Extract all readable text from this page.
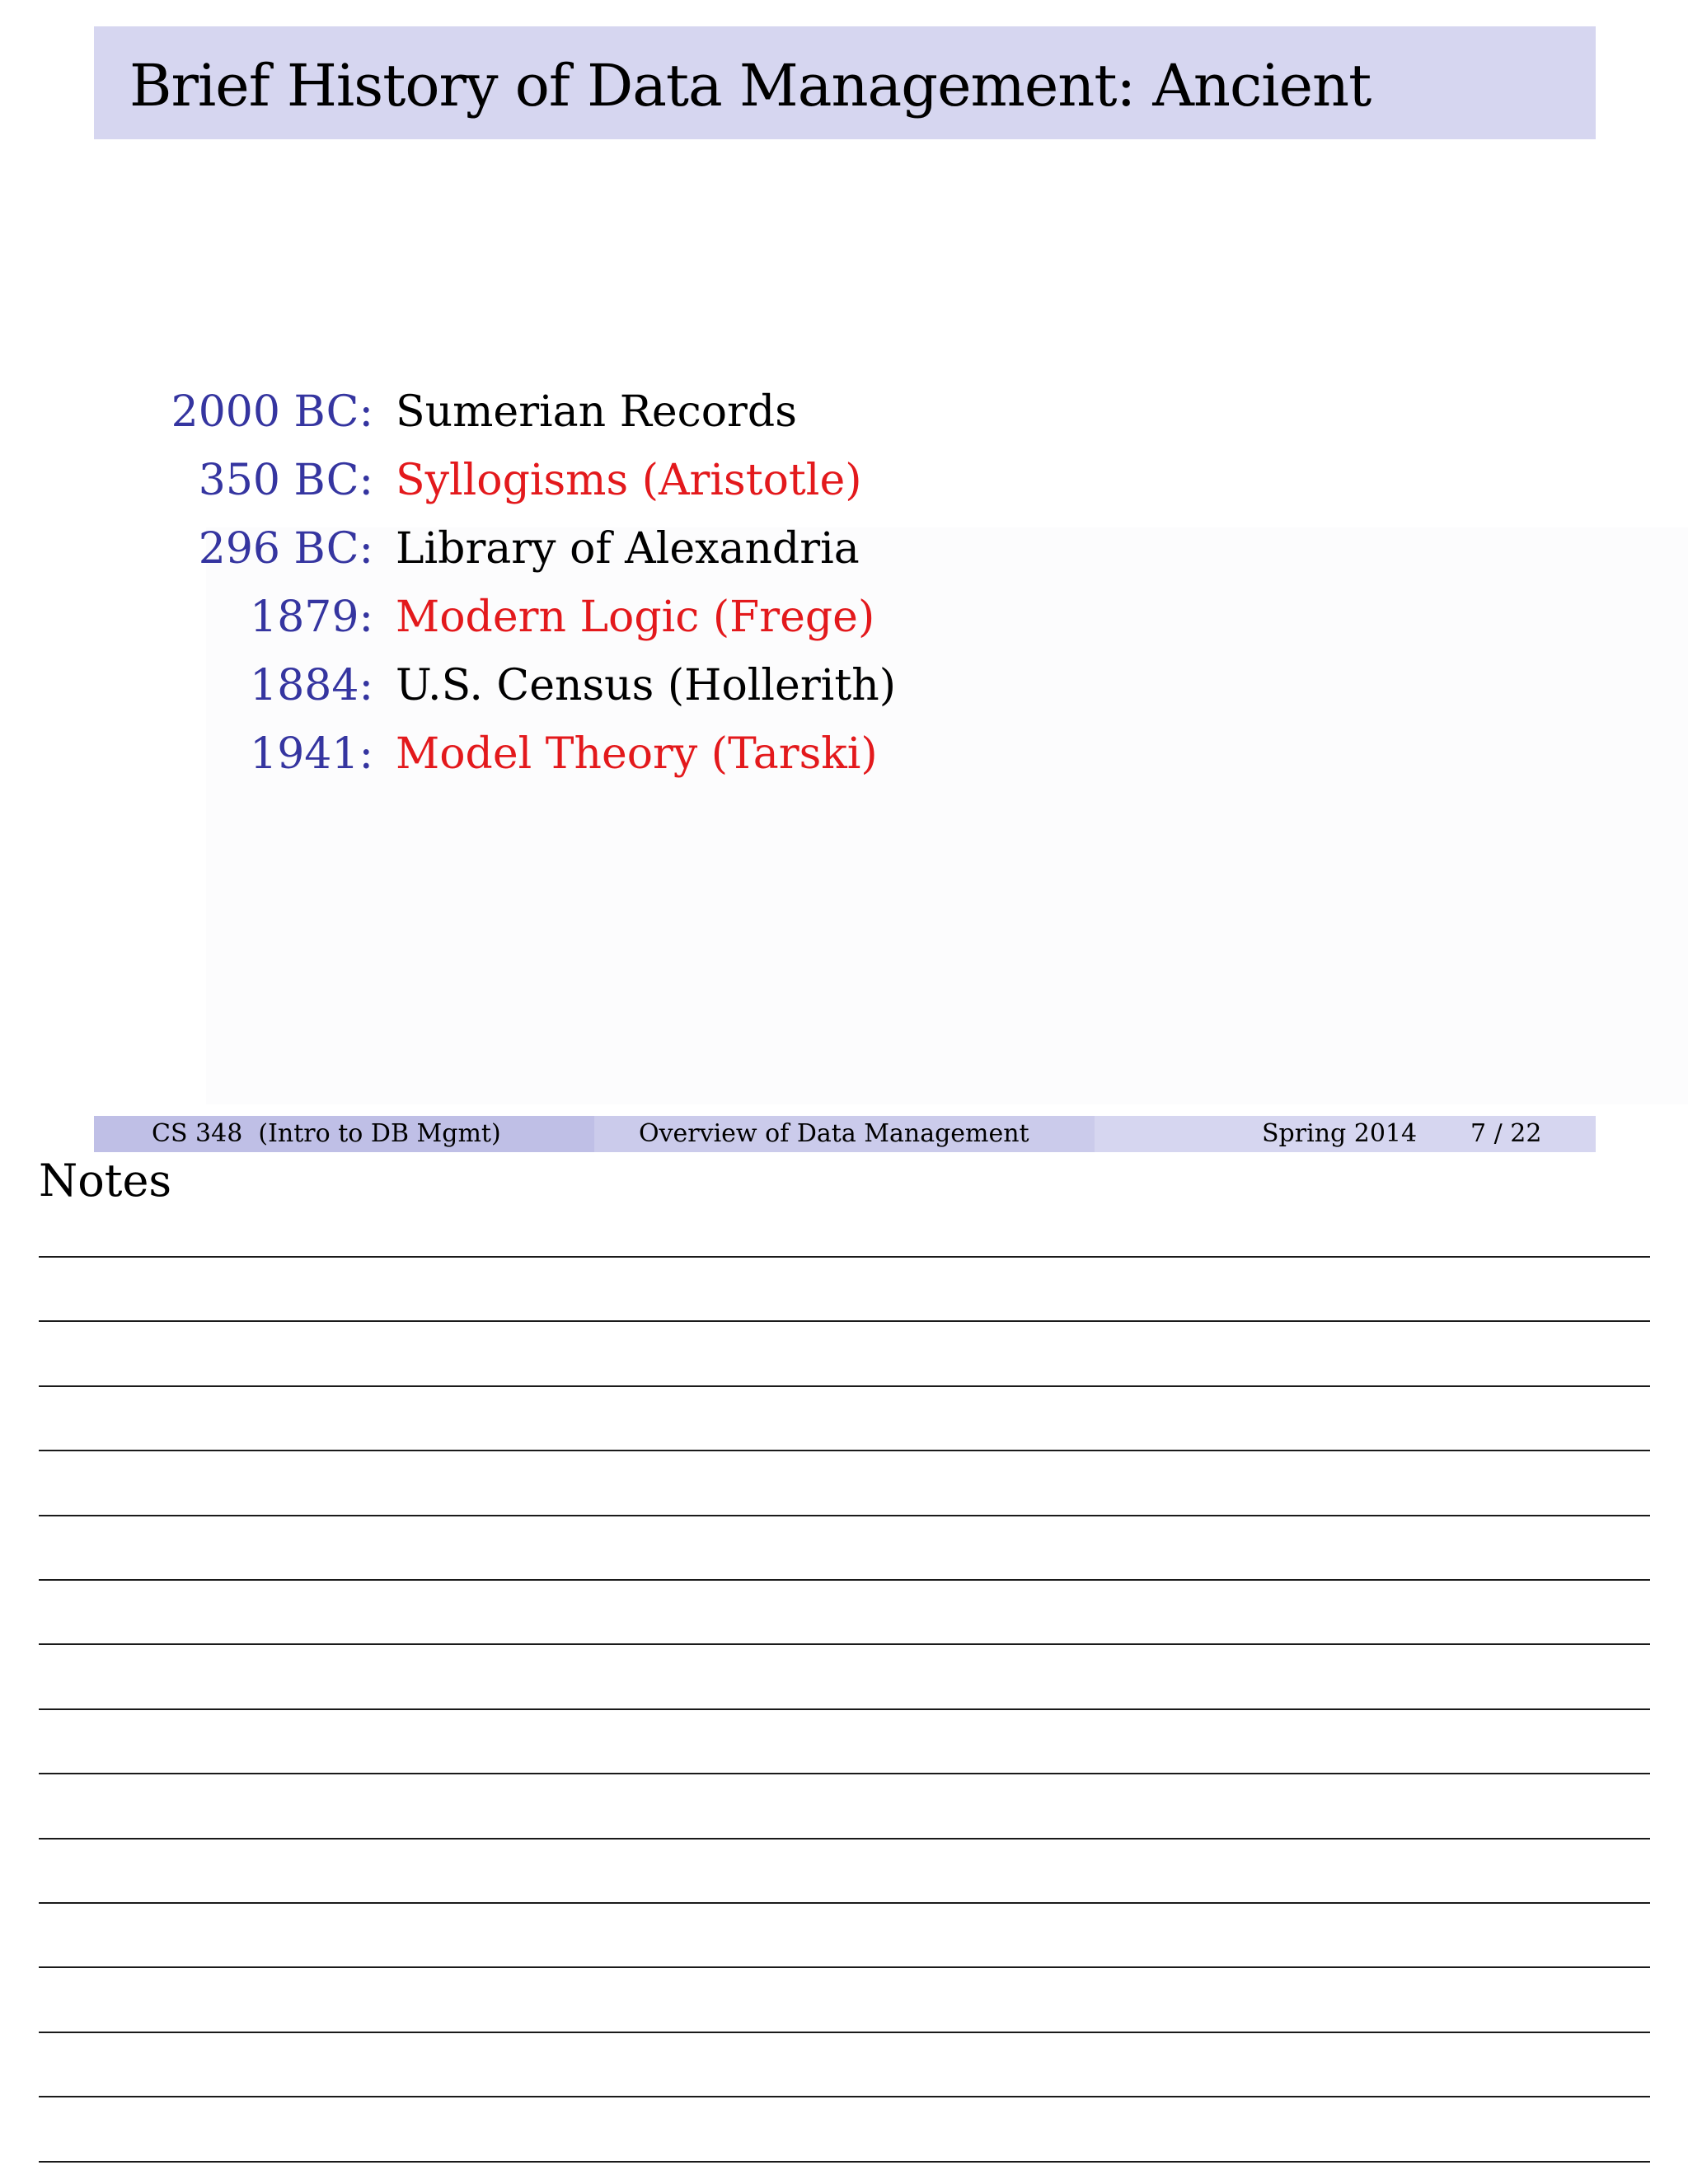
Brief History of Data Management: Ancient
2000 BC: Sumerian Records
350 BC: Syllogisms (Aristotle)
296 BC: Library of Alexandria
1879: Modern Logic (Frege)
1884: U.S. Census (Hollerith)
1941: Model Theory (Tarski)
CS 348  (Intro to DB Mgmt)	Overview of Data Management	Spring 2014 7 / 22
Notes
